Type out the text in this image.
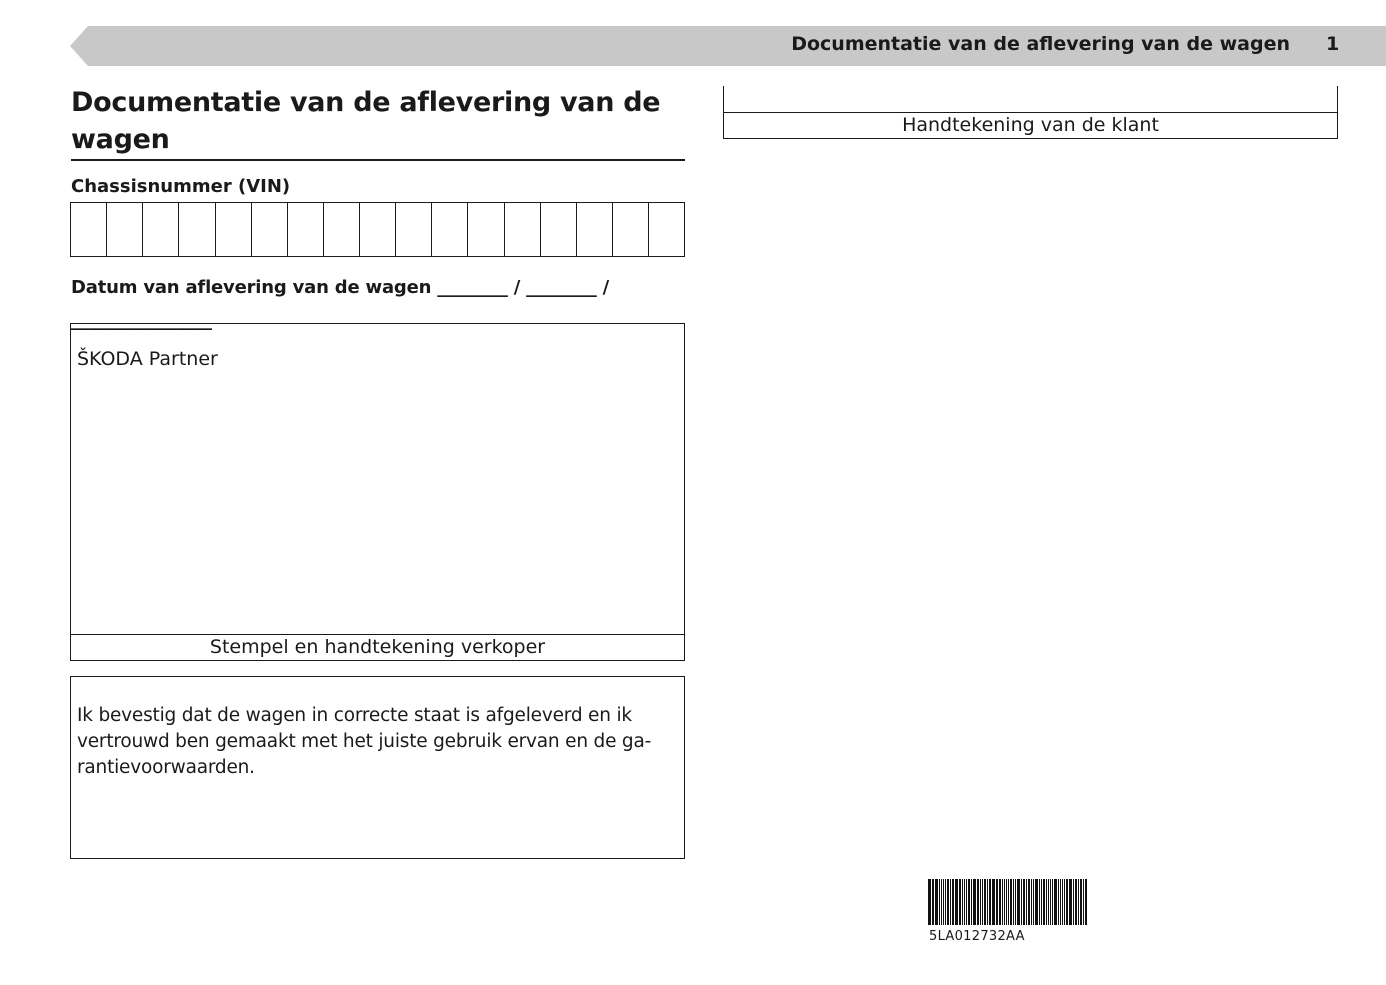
Documentatie van de aflevering van de wagen 1
Documentatie van de aflevering van de wagen
Chassisnummer (VIN)
Datum van aflevering van de wagen ________ / ________ / ________________
ŠKODA Partner
Stempel en handtekening verkoper

Ik bevestig dat de wagen in correcte staat is afgeleverd en ik vertrouwd ben gemaakt met het juiste gebruik ervan en de ga-rantievoorwaarden.

Handtekening van de klant
5LA012732AA
